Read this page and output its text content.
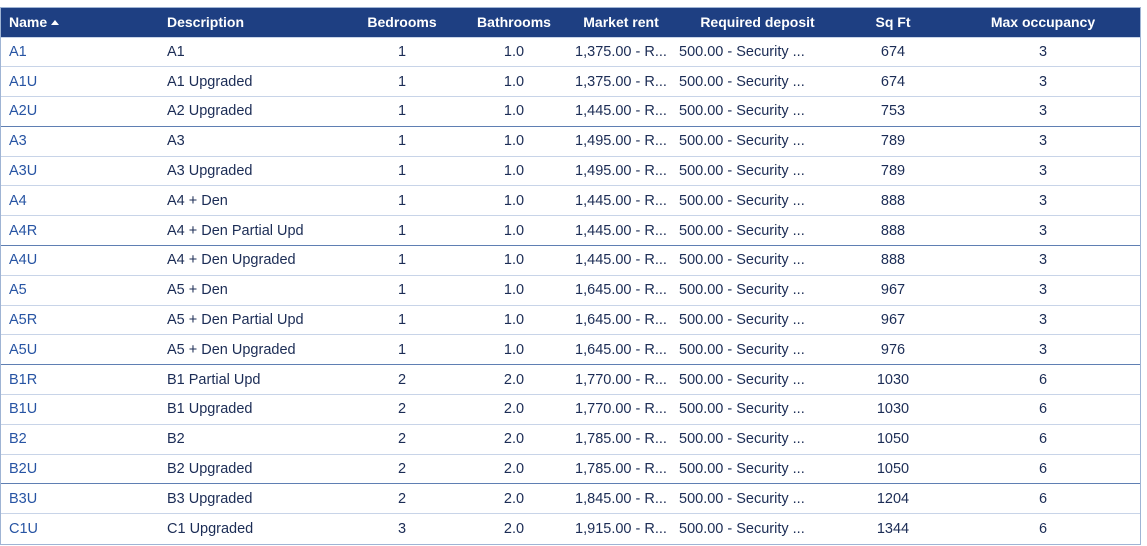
Name	Description	Bedrooms	Bathrooms	Market rent	Required deposit	Sq Ft	Max occupancy
A1	A1	1	1.0	1,375.00 - R...	500.00 - Security ...	674	3
A1U	A1 Upgraded	1	1.0	1,375.00 - R...	500.00 - Security ...	674	3
A2U	A2 Upgraded	1	1.0	1,445.00 - R...	500.00 - Security ...	753	3
A3	A3	1	1.0	1,495.00 - R...	500.00 - Security ...	789	3
A3U	A3 Upgraded	1	1.0	1,495.00 - R...	500.00 - Security ...	789	3
A4	A4 + Den	1	1.0	1,445.00 - R...	500.00 - Security ...	888	3
A4R	A4 + Den Partial Upd	1	1.0	1,445.00 - R...	500.00 - Security ...	888	3
A4U	A4 + Den Upgraded	1	1.0	1,445.00 - R...	500.00 - Security ...	888	3
A5	A5 + Den	1	1.0	1,645.00 - R...	500.00 - Security ...	967	3
A5R	A5 + Den Partial Upd	1	1.0	1,645.00 - R...	500.00 - Security ...	967	3
A5U	A5 + Den Upgraded	1	1.0	1,645.00 - R...	500.00 - Security ...	976	3
B1R	B1 Partial Upd	2	2.0	1,770.00 - R...	500.00 - Security ...	1030	6
B1U	B1 Upgraded	2	2.0	1,770.00 - R...	500.00 - Security ...	1030	6
B2	B2	2	2.0	1,785.00 - R...	500.00 - Security ...	1050	6
B2U	B2 Upgraded	2	2.0	1,785.00 - R...	500.00 - Security ...	1050	6
B3U	B3 Upgraded	2	2.0	1,845.00 - R...	500.00 - Security ...	1204	6
C1U	C1 Upgraded	3	2.0	1,915.00 - R...	500.00 - Security ...	1344	6
